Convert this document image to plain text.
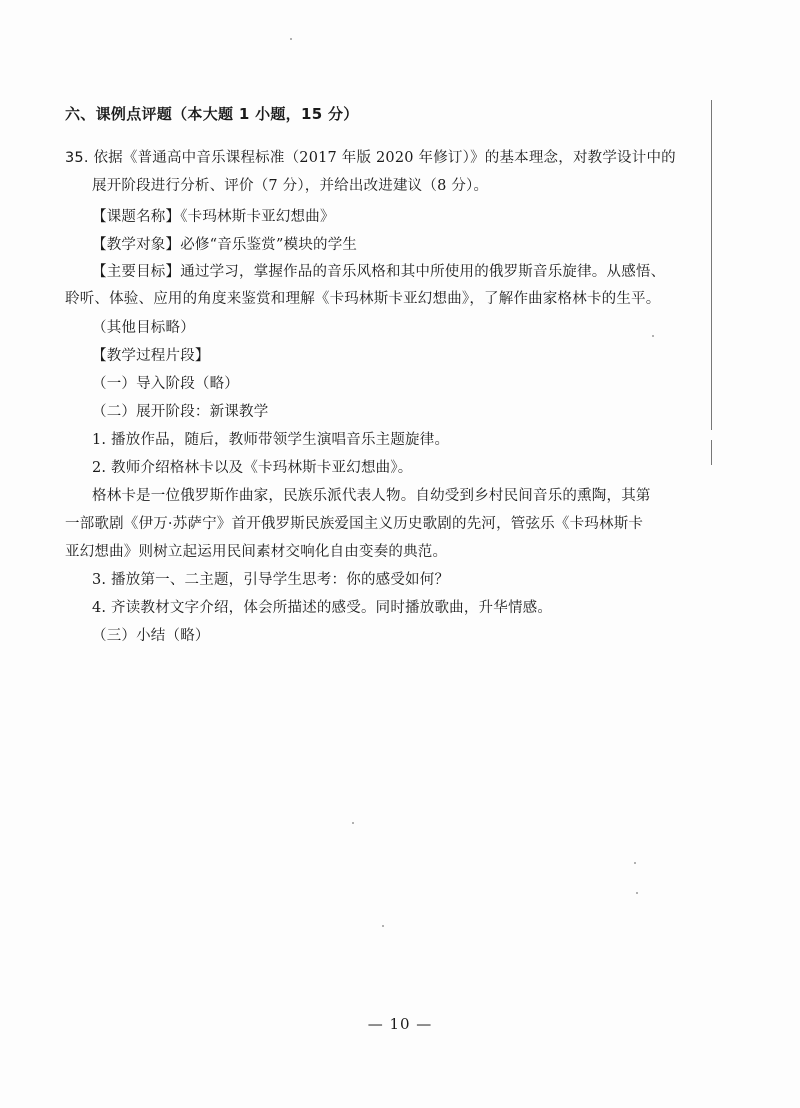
六、课例点评题（本大题 1 小题，15 分）
35. 依据《普通高中音乐课程标准（2017 年版 2020 年修订）》的基本理念，对教学设计中的
展开阶段进行分析、评价（7 分），并给出改进建议（8 分）。
【课题名称】《卡玛林斯卡亚幻想曲》
【教学对象】必修“音乐鉴赏”模块的学生
【主要目标】通过学习，掌握作品的音乐风格和其中所使用的俄罗斯音乐旋律。从感悟、
聆听、体验、应用的角度来鉴赏和理解《卡玛林斯卡亚幻想曲》，了解作曲家格林卡的生平。
（其他目标略）
【教学过程片段】
（一）导入阶段（略）
（二）展开阶段：新课教学
1. 播放作品，随后，教师带领学生演唱音乐主题旋律。
2. 教师介绍格林卡以及《卡玛林斯卡亚幻想曲》。
格林卡是一位俄罗斯作曲家，民族乐派代表人物。自幼受到乡村民间音乐的熏陶，其第
一部歌剧《伊万·苏萨宁》首开俄罗斯民族爱国主义历史歌剧的先河，管弦乐《卡玛林斯卡
亚幻想曲》则树立起运用民间素材交响化自由变奏的典范。
3. 播放第一、二主题，引导学生思考：你的感受如何？
4. 齐读教材文字介绍，体会所描述的感受。同时播放歌曲，升华情感。
（三）小结（略）
— 10 —
